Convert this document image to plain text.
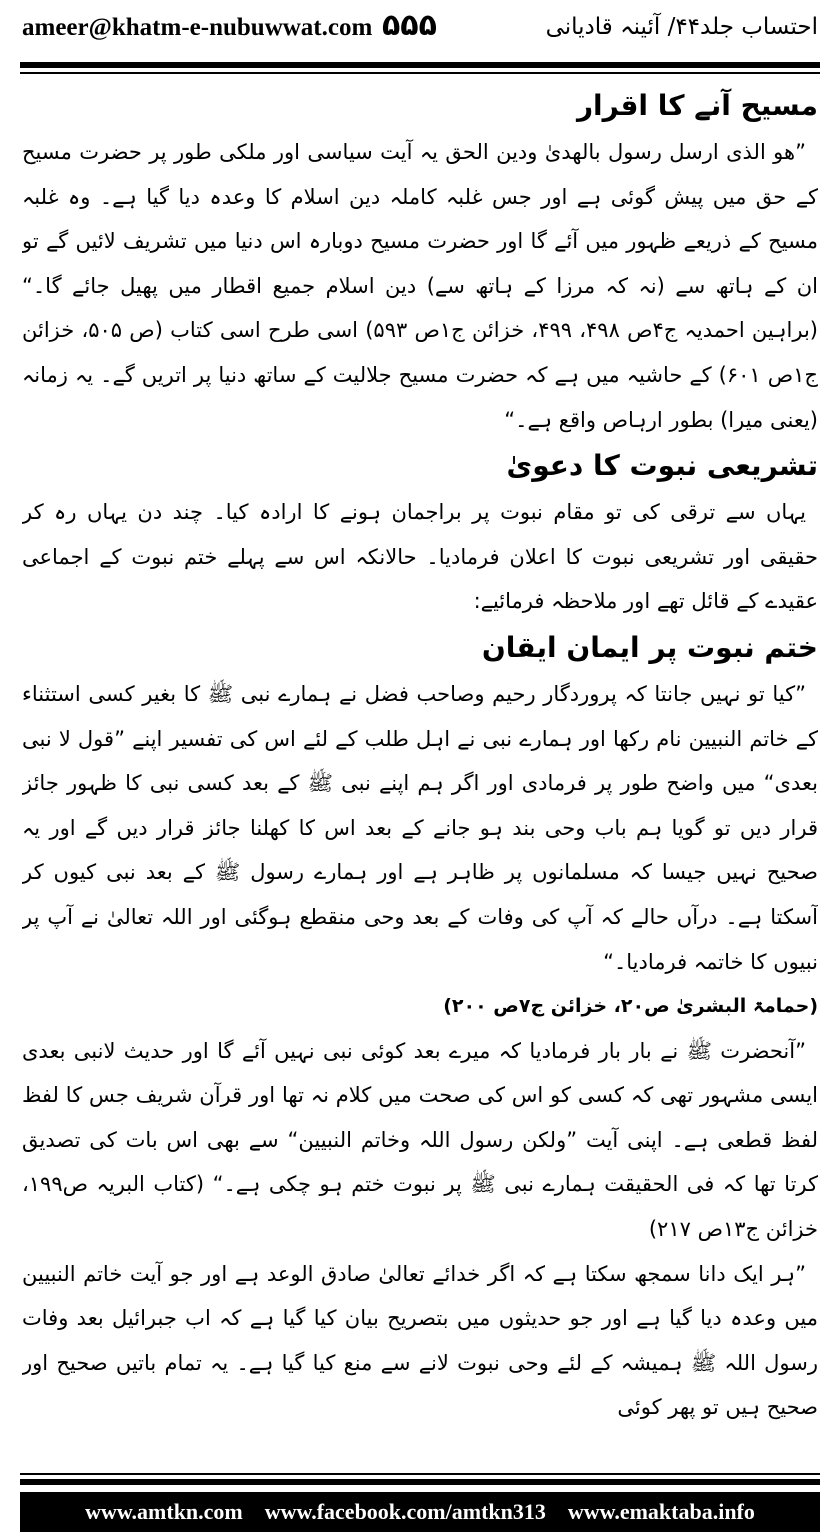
ameer@khatm-e-nubuwwat.com ۵۵۵	احتساب جلد۴۴/ آئینہ قادیانی
مسیح آنے کا اقرار

”ھو الذی ارسل رسول بالھدیٰ ودین الحق یہ آیت سیاسی اور ملکی طور پر حضرت مسیح کے حق میں پیش گوئی ہے اور جس غلبہ کاملہ دین اسلام کا وعدہ دیا گیا ہے۔ وہ غلبہ مسیح کے ذریعے ظہور میں آئے گا اور حضرت مسیح دوبارہ اس دنیا میں تشریف لائیں گے تو ان کے ہاتھ سے (نہ کہ مرزا کے ہاتھ سے) دین اسلام جمیع اقطار میں پھیل جائے گا۔“ (براہین احمدیہ ج۴ص ۴۹۸، ۴۹۹، خزائن ج۱ص ۵۹۳) اسی طرح اسی کتاب (ص ۵۰۵، خزائن ج۱ص ۶۰۱) کے حاشیہ میں ہے کہ حضرت مسیح جلالیت کے ساتھ دنیا پر اتریں گے۔ یہ زمانہ (یعنی میرا) بطور ارہاص واقع ہے۔“

تشریعی نبوت کا دعویٰ

یہاں سے ترقی کی تو مقام نبوت پر براجمان ہونے کا ارادہ کیا۔ چند دن یہاں رہ کر حقیقی اور تشریعی نبوت کا اعلان فرمادیا۔ حالانکہ اس سے پہلے ختم نبوت کے اجماعی عقیدے کے قائل تھے اور ملاحظہ فرمائیے:

ختم نبوت پر ایمان ایقان

”کیا تو نہیں جانتا کہ پروردگار رحیم وصاحب فضل نے ہمارے نبی ﷺ کا بغیر کسی استثناء کے خاتم النبیین نام رکھا اور ہمارے نبی نے اہل طلب کے لئے اس کی تفسیر اپنے ”قول لا نبی بعدی“ میں واضح طور پر فرمادی اور اگر ہم اپنے نبی ﷺ کے بعد کسی نبی کا ظہور جائز قرار دیں تو گویا ہم باب وحی بند ہو جانے کے بعد اس کا کھلنا جائز قرار دیں گے اور یہ صحیح نہیں جیسا کہ مسلمانوں پر ظاہر ہے اور ہمارے رسول ﷺ کے بعد نبی کیوں کر آسکتا ہے۔ درآں حالے کہ آپ کی وفات کے بعد وحی منقطع ہوگئی اور اللہ تعالیٰ نے آپ پر نبیوں کا خاتمہ فرمادیا۔“

(حمامۃ البشریٰ ص۲۰، خزائن ج۷ص ۲۰۰)

”آنحضرت ﷺ نے بار بار فرمادیا کہ میرے بعد کوئی نبی نہیں آئے گا اور حدیث لانبی بعدی ایسی مشہور تھی کہ کسی کو اس کی صحت میں کلام نہ تھا اور قرآن شریف جس کا لفظ لفظ قطعی ہے۔ اپنی آیت ”ولکن رسول اللہ وخاتم النبیین“ سے بھی اس بات کی تصدیق کرتا تھا کہ فی الحقیقت ہمارے نبی ﷺ پر نبوت ختم ہو چکی ہے۔“ (کتاب البریہ ص۱۹۹، خزائن ج۱۳ص ۲۱۷)

”ہر ایک دانا سمجھ سکتا ہے کہ اگر خدائے تعالیٰ صادق الوعد ہے اور جو آیت خاتم النبیین میں وعدہ دیا گیا ہے اور جو حدیثوں میں بتصریح بیان کیا گیا ہے کہ اب جبرائیل بعد وفات رسول اللہ ﷺ ہمیشہ کے لئے وحی نبوت لانے سے منع کیا گیا ہے۔ یہ تمام باتیں صحیح اور صحیح ہیں تو پھر کوئی

www.amtkn.com www.facebook.com/amtkn313 www.emaktaba.info
